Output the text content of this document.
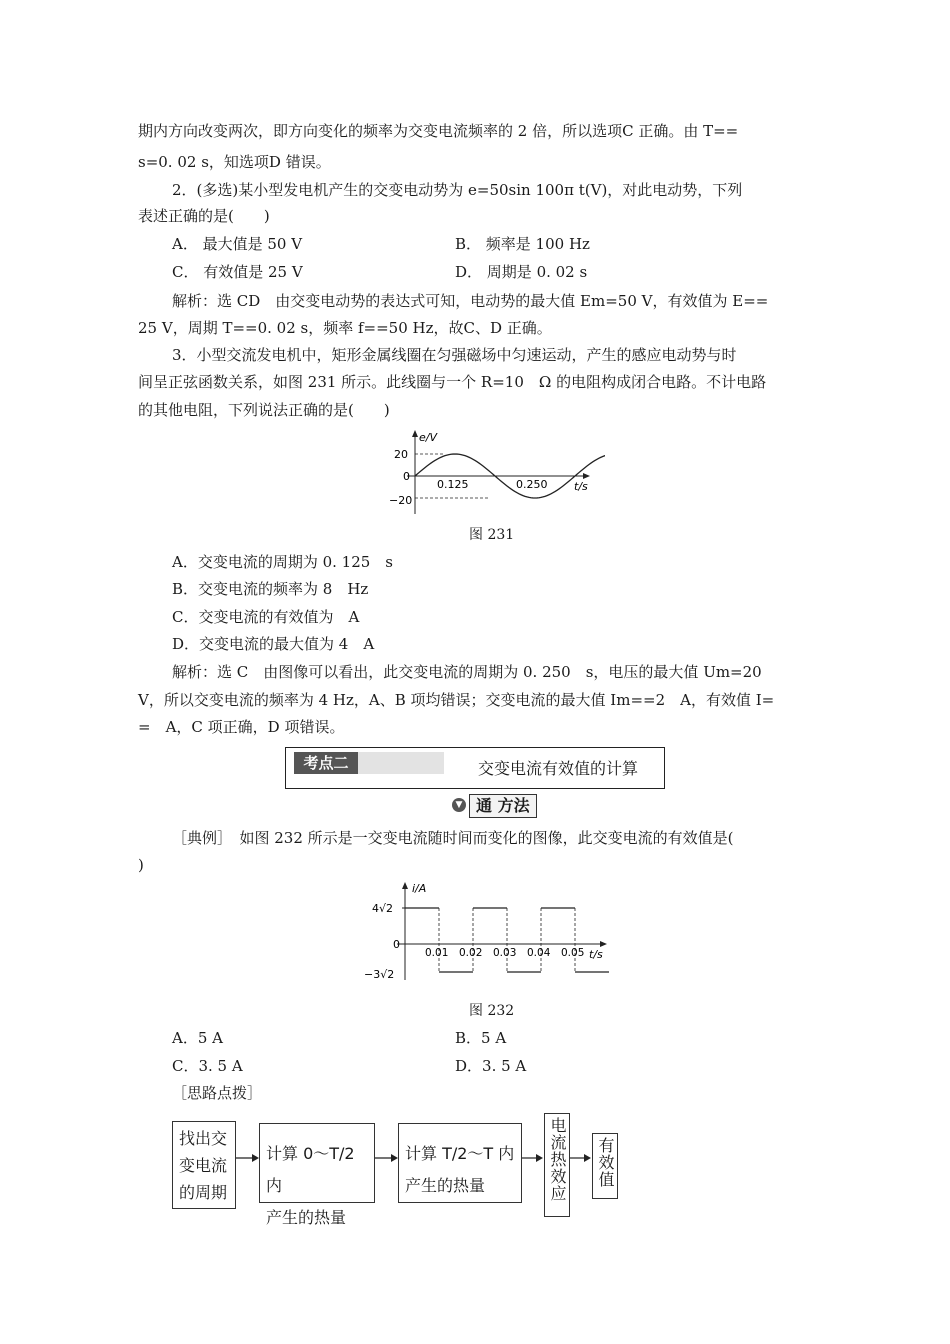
期内方向改变两次，即方向变化的频率为交变电流频率的 2 倍，所以选项C 正确。由 T==
s=0. 02 s，知选项D 错误。
2．(多选)某小型发电机产生的交变电动势为 e=50sin 100π t(V)，对此电动势，下列
表述正确的是(　　)
A． 最大值是 50 V	B． 频率是 100 Hz
C． 有效值是 25 V	D． 周期是 0. 02 s
解析：选 CD　由交变电动势的表达式可知，电动势的最大值 Em=50 V，有效值为 E==
25 V，周期 T==0. 02 s，频率 f==50 Hz，故C、D 正确。
3．小型交流发电机中，矩形金属线圈在匀强磁场中匀速运动，产生的感应电动势与时
间呈正弦函数关系，如图 231 所示。此线圈与一个 R=10　Ω 的电阻构成闭合电路。不计电路
的其他电阻，下列说法正确的是(　　)
e/V
20
0
−20
0.125	0.250 t/s
图 231
A．交变电流的周期为 0. 125　s
B．交变电流的频率为 8　Hz
C．交变电流的有效值为　A
D．交变电流的最大值为 4　A
解析：选 C　由图像可以看出，此交变电流的周期为 0. 250　s，电压的最大值 Um=20
V，所以交变电流的频率为 4 Hz，A、B 项均错误；交变电流的最大值 Im==2　A，有效值 I=
=　A，C 项正确，D 项错误。
考点二	交变电流有效值的计算
▼ 通 方法
［典例］　如图 232 所示是一交变电流随时间而变化的图像，此交变电流的有效值是(
)
i/A
4√2
0
−3√2
0.01 0.02 0.03 0.04 0.05 t/s
图 232
A．5 A	B．5 A
C．3. 5 A	D．3. 5 A
［思路点拨］
找出交
变电流
的周期
计算 0～T/2 内
产生的热量
计算 T/2～T 内
产生的热量	电流热效应 有效值
